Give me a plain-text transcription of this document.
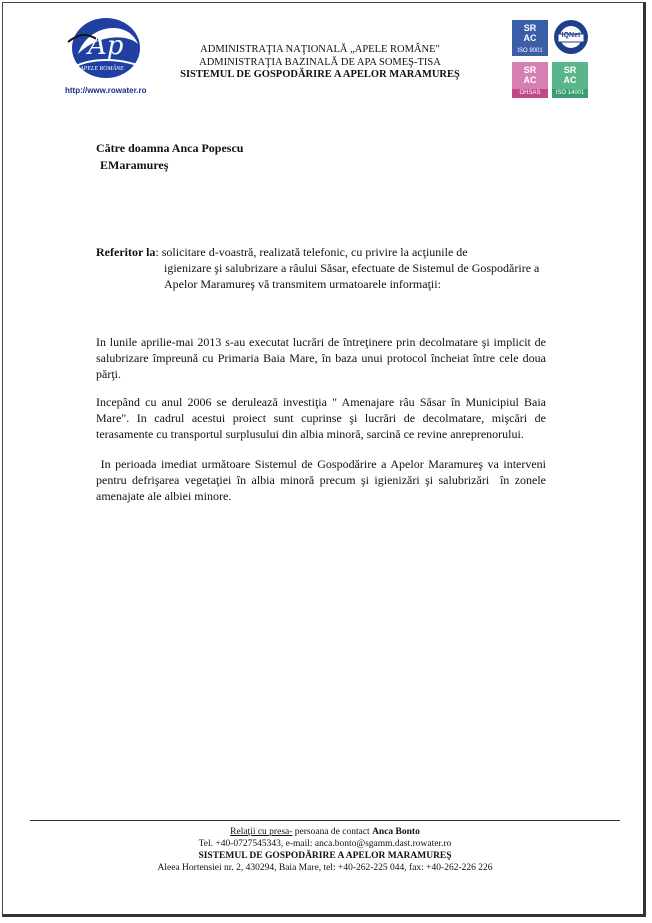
Ap
APELE ROMÂNE
http://www.rowater.ro
ADMINISTRAŢIA NAŢIONALĂ „APELE ROMÂNE"
ADMINISTRAŢIA BAZINALĂ DE APA SOMEŞ-TISA
SISTEMUL DE GOSPODĂRIRE A APELOR MARAMUREŞ
SR
AC
ISO 9001
IQNet
SR
AC
OHSAS 18001
SR
AC
ISO 14001
Către doamna Anca Popescu
EMaramureş
Referitor la: solicitare d-voastră, realizată telefonic, cu privire la acţiunile de
igienizare şi salubrizare a râului Săsar, efectuate de Sistemul de Gospodărire a
Apelor Maramureş vă transmitem urmatoarele informaţii:
In lunile aprilie-mai 2013 s-au executat lucrări de întreţinere prin decolmatare şi implicit de salubrizare împreună cu Primaria Baia Mare, în baza unui protocol încheiat între cele doua părţi.
Incepând cu anul 2006 se derulează investiţia " Amenajare râu Săsar în Municipiul Baia Mare". In cadrul acestui proiect sunt cuprinse şi lucrări de decolmatare, mişcări de terasamente cu transportul surplusului din albia minoră, sarcină ce revine anreprenorului.
In perioada imediat următoare Sistemul de Gospodărire a Apelor Maramureş va interveni pentru defrişarea vegetaţiei în albia minoră precum şi igienizări şi salubrizări  în zonele amenajate ale albiei minore.
Relaţii cu presa- persoana de contact Anca Bonto
Tel. +40-0727545343, e-mail: anca.bonto@sgamm.dast.rowater.ro
SISTEMUL DE GOSPODĂRIRE A APELOR MARAMUREŞ
Aleea Hortensiei nr. 2, 430294, Baia Mare, tel: +40-262-225 044, fax: +40-262-226 226
